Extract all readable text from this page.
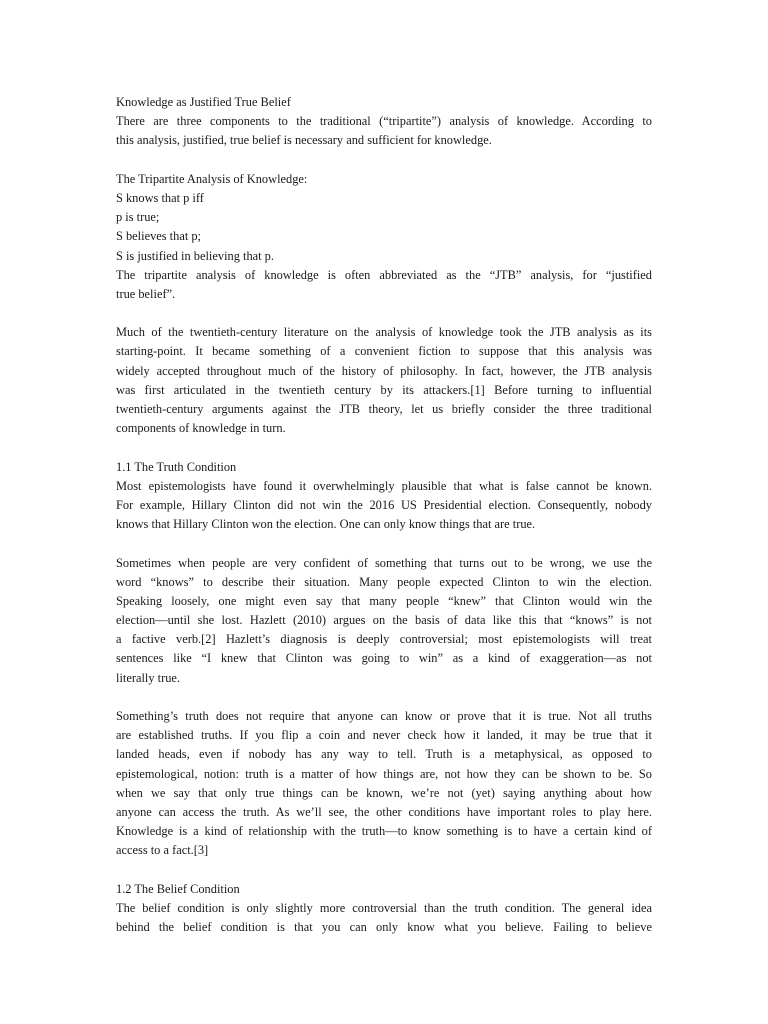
Knowledge as Justified True Belief
There are three components to the traditional (“tripartite”) analysis of knowledge. According to
this analysis, justified, true belief is necessary and sufficient for knowledge.
The Tripartite Analysis of Knowledge:
S knows that p iff
p is true;
S believes that p;
S is justified in believing that p.
The tripartite analysis of knowledge is often abbreviated as the “JTB” analysis, for “justified
true belief”.
Much of the twentieth-century literature on the analysis of knowledge took the JTB analysis as its
starting-point. It became something of a convenient fiction to suppose that this analysis was
widely accepted throughout much of the history of philosophy. In fact, however, the JTB analysis
was first articulated in the twentieth century by its attackers.[1] Before turning to influential
twentieth-century arguments against the JTB theory, let us briefly consider the three traditional
components of knowledge in turn.
1.1 The Truth Condition
Most epistemologists have found it overwhelmingly plausible that what is false cannot be known.
For example, Hillary Clinton did not win the 2016 US Presidential election. Consequently, nobody
knows that Hillary Clinton won the election. One can only know things that are true.
Sometimes when people are very confident of something that turns out to be wrong, we use the
word “knows” to describe their situation. Many people expected Clinton to win the election.
Speaking loosely, one might even say that many people “knew” that Clinton would win the
election—until she lost. Hazlett (2010) argues on the basis of data like this that “knows” is not
a factive verb.[2] Hazlett’s diagnosis is deeply controversial; most epistemologists will treat
sentences like “I knew that Clinton was going to win” as a kind of exaggeration—as not
literally true.
Something’s truth does not require that anyone can know or prove that it is true. Not all truths
are established truths. If you flip a coin and never check how it landed, it may be true that it
landed heads, even if nobody has any way to tell. Truth is a metaphysical, as opposed to
epistemological, notion: truth is a matter of how things are, not how they can be shown to be. So
when we say that only true things can be known, we’re not (yet) saying anything about how
anyone can access the truth. As we’ll see, the other conditions have important roles to play here.
Knowledge is a kind of relationship with the truth—to know something is to have a certain kind of
access to a fact.[3]
1.2 The Belief Condition
The belief condition is only slightly more controversial than the truth condition. The general idea
behind the belief condition is that you can only know what you believe. Failing to believe
